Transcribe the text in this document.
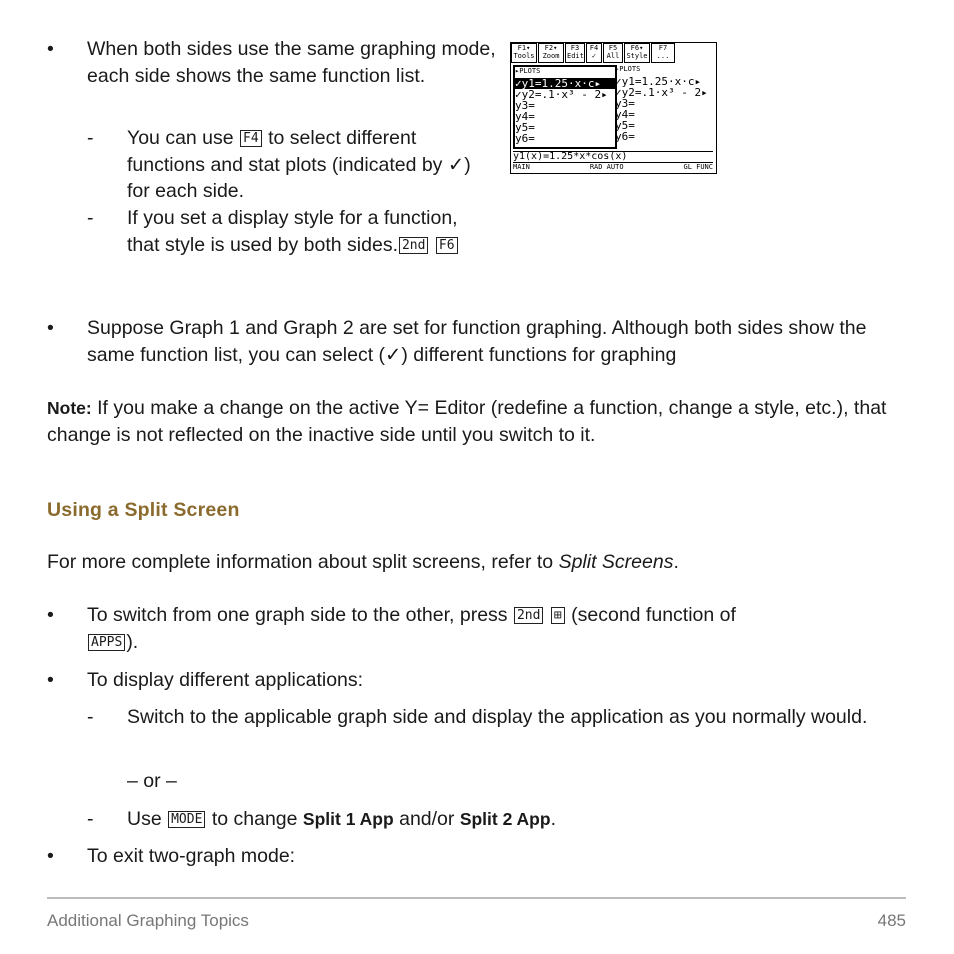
•	When both sides use the same graphing mode, each side shows the same function list.
-	You can use F4 to select different functions and stat plots (indicated by ✓) for each side.
-	If you set a display style for a function, that style is used by both sides. 2nd F6
F1▾ Tools
F2▾ Zoom
F3 Edit
F4 ✓
F5 All
F6▾ Style
F7 ...
▸PLOTS
✓y1=1.25·x·c▸
✓y2=.1·x³ - 2▸
y3=
y4=
y5=
y6=
▸PLOTS
✓y1=1.25·x·c▸
✓y2=.1·x³ - 2▸
y3=
y4=
y5=
y6=
y1(x)=1.25*x*cos(x)
MAIN	RAD AUTO	GL FUNC
•	Suppose Graph 1 and Graph 2 are set for function graphing. Although both sides show the same function list, you can select (✓) different functions for graphing
Note: If you make a change on the active Y= Editor (redefine a function, change a style, etc.), that change is not reflected on the inactive side until you switch to it.
Using a Split Screen
For more complete information about split screens, refer to Split Screens.
•	To switch from one graph side to the other, press 2nd ⊞ (second function of
APPS ).
•	To display different applications:
-	Switch to the applicable graph side and display the application as you normally would.
– or –
-	Use MODE to change Split 1 App and/or Split 2 App.
•	To exit two-graph mode:
Additional Graphing Topics	485
